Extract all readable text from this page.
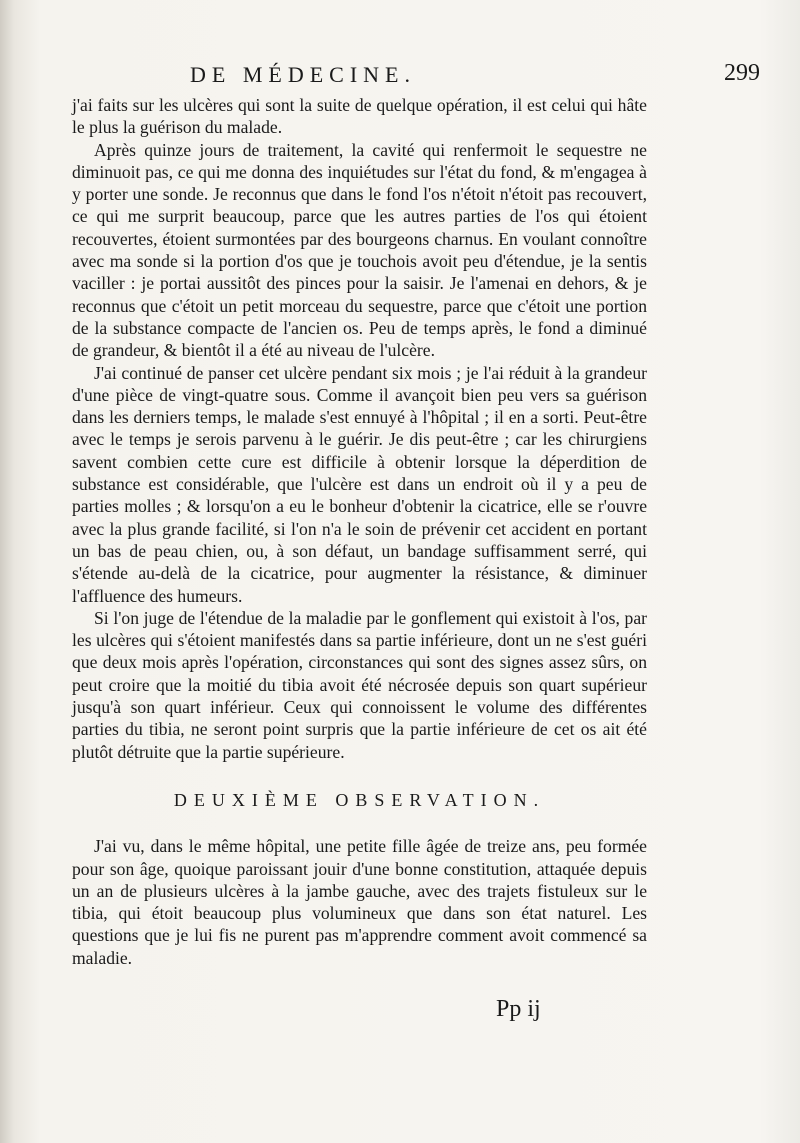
DE MÉDECINE.	299

j'ai faits sur les ulcères qui sont la suite de quelque opération, il est celui qui hâte le plus la guérison du malade.

Après quinze jours de traitement, la cavité qui renfermoit le sequestre ne diminuoit pas, ce qui me donna des inquiétudes sur l'état du fond, & m'engagea à y porter une sonde. Je reconnus que dans le fond l'os n'étoit n'étoit pas recouvert, ce qui me surprit beaucoup, parce que les autres parties de l'os qui étoient recouvertes, étoient surmontées par des bourgeons charnus. En voulant connoître avec ma sonde si la portion d'os que je touchois avoit peu d'étendue, je la sentis vaciller : je portai aussitôt des pinces pour la saisir. Je l'amenai en dehors, & je reconnus que c'étoit un petit morceau du sequestre, parce que c'étoit une portion de la substance compacte de l'ancien os. Peu de temps après, le fond a diminué de grandeur, & bientôt il a été au niveau de l'ulcère.

J'ai continué de panser cet ulcère pendant six mois ; je l'ai réduit à la grandeur d'une pièce de vingt-quatre sous. Comme il avançoit bien peu vers sa guérison dans les derniers temps, le malade s'est ennuyé à l'hôpital ; il en a sorti. Peut-être avec le temps je serois parvenu à le guérir. Je dis peut-être ; car les chirurgiens savent combien cette cure est difficile à obtenir lorsque la déperdition de substance est considérable, que l'ulcère est dans un endroit où il y a peu de parties molles ; & lorsqu'on a eu le bonheur d'obtenir la cicatrice, elle se r'ouvre avec la plus grande facilité, si l'on n'a le soin de prévenir cet accident en portant un bas de peau chien, ou, à son défaut, un bandage suffisamment serré, qui s'étende au-delà de la cicatrice, pour augmenter la résistance, & diminuer l'affluence des humeurs.

Si l'on juge de l'étendue de la maladie par le gonflement qui existoit à l'os, par les ulcères qui s'étoient manifestés dans sa partie inférieure, dont un ne s'est guéri que deux mois après l'opération, circonstances qui sont des signes assez sûrs, on peut croire que la moitié du tibia avoit été nécrosée depuis son quart supérieur jusqu'à son quart inférieur. Ceux qui connoissent le volume des différentes parties du tibia, ne seront point surpris que la partie inférieure de cet os ait été plutôt détruite que la partie supérieure.

DEUXIÈME OBSERVATION.

J'ai vu, dans le même hôpital, une petite fille âgée de treize ans, peu formée pour son âge, quoique paroissant jouir d'une bonne constitution, attaquée depuis un an de plusieurs ulcères à la jambe gauche, avec des trajets fistuleux sur le tibia, qui étoit beaucoup plus volumineux que dans son état naturel. Les questions que je lui fis ne purent pas m'apprendre comment avoit commencé sa maladie.

Pp ij
